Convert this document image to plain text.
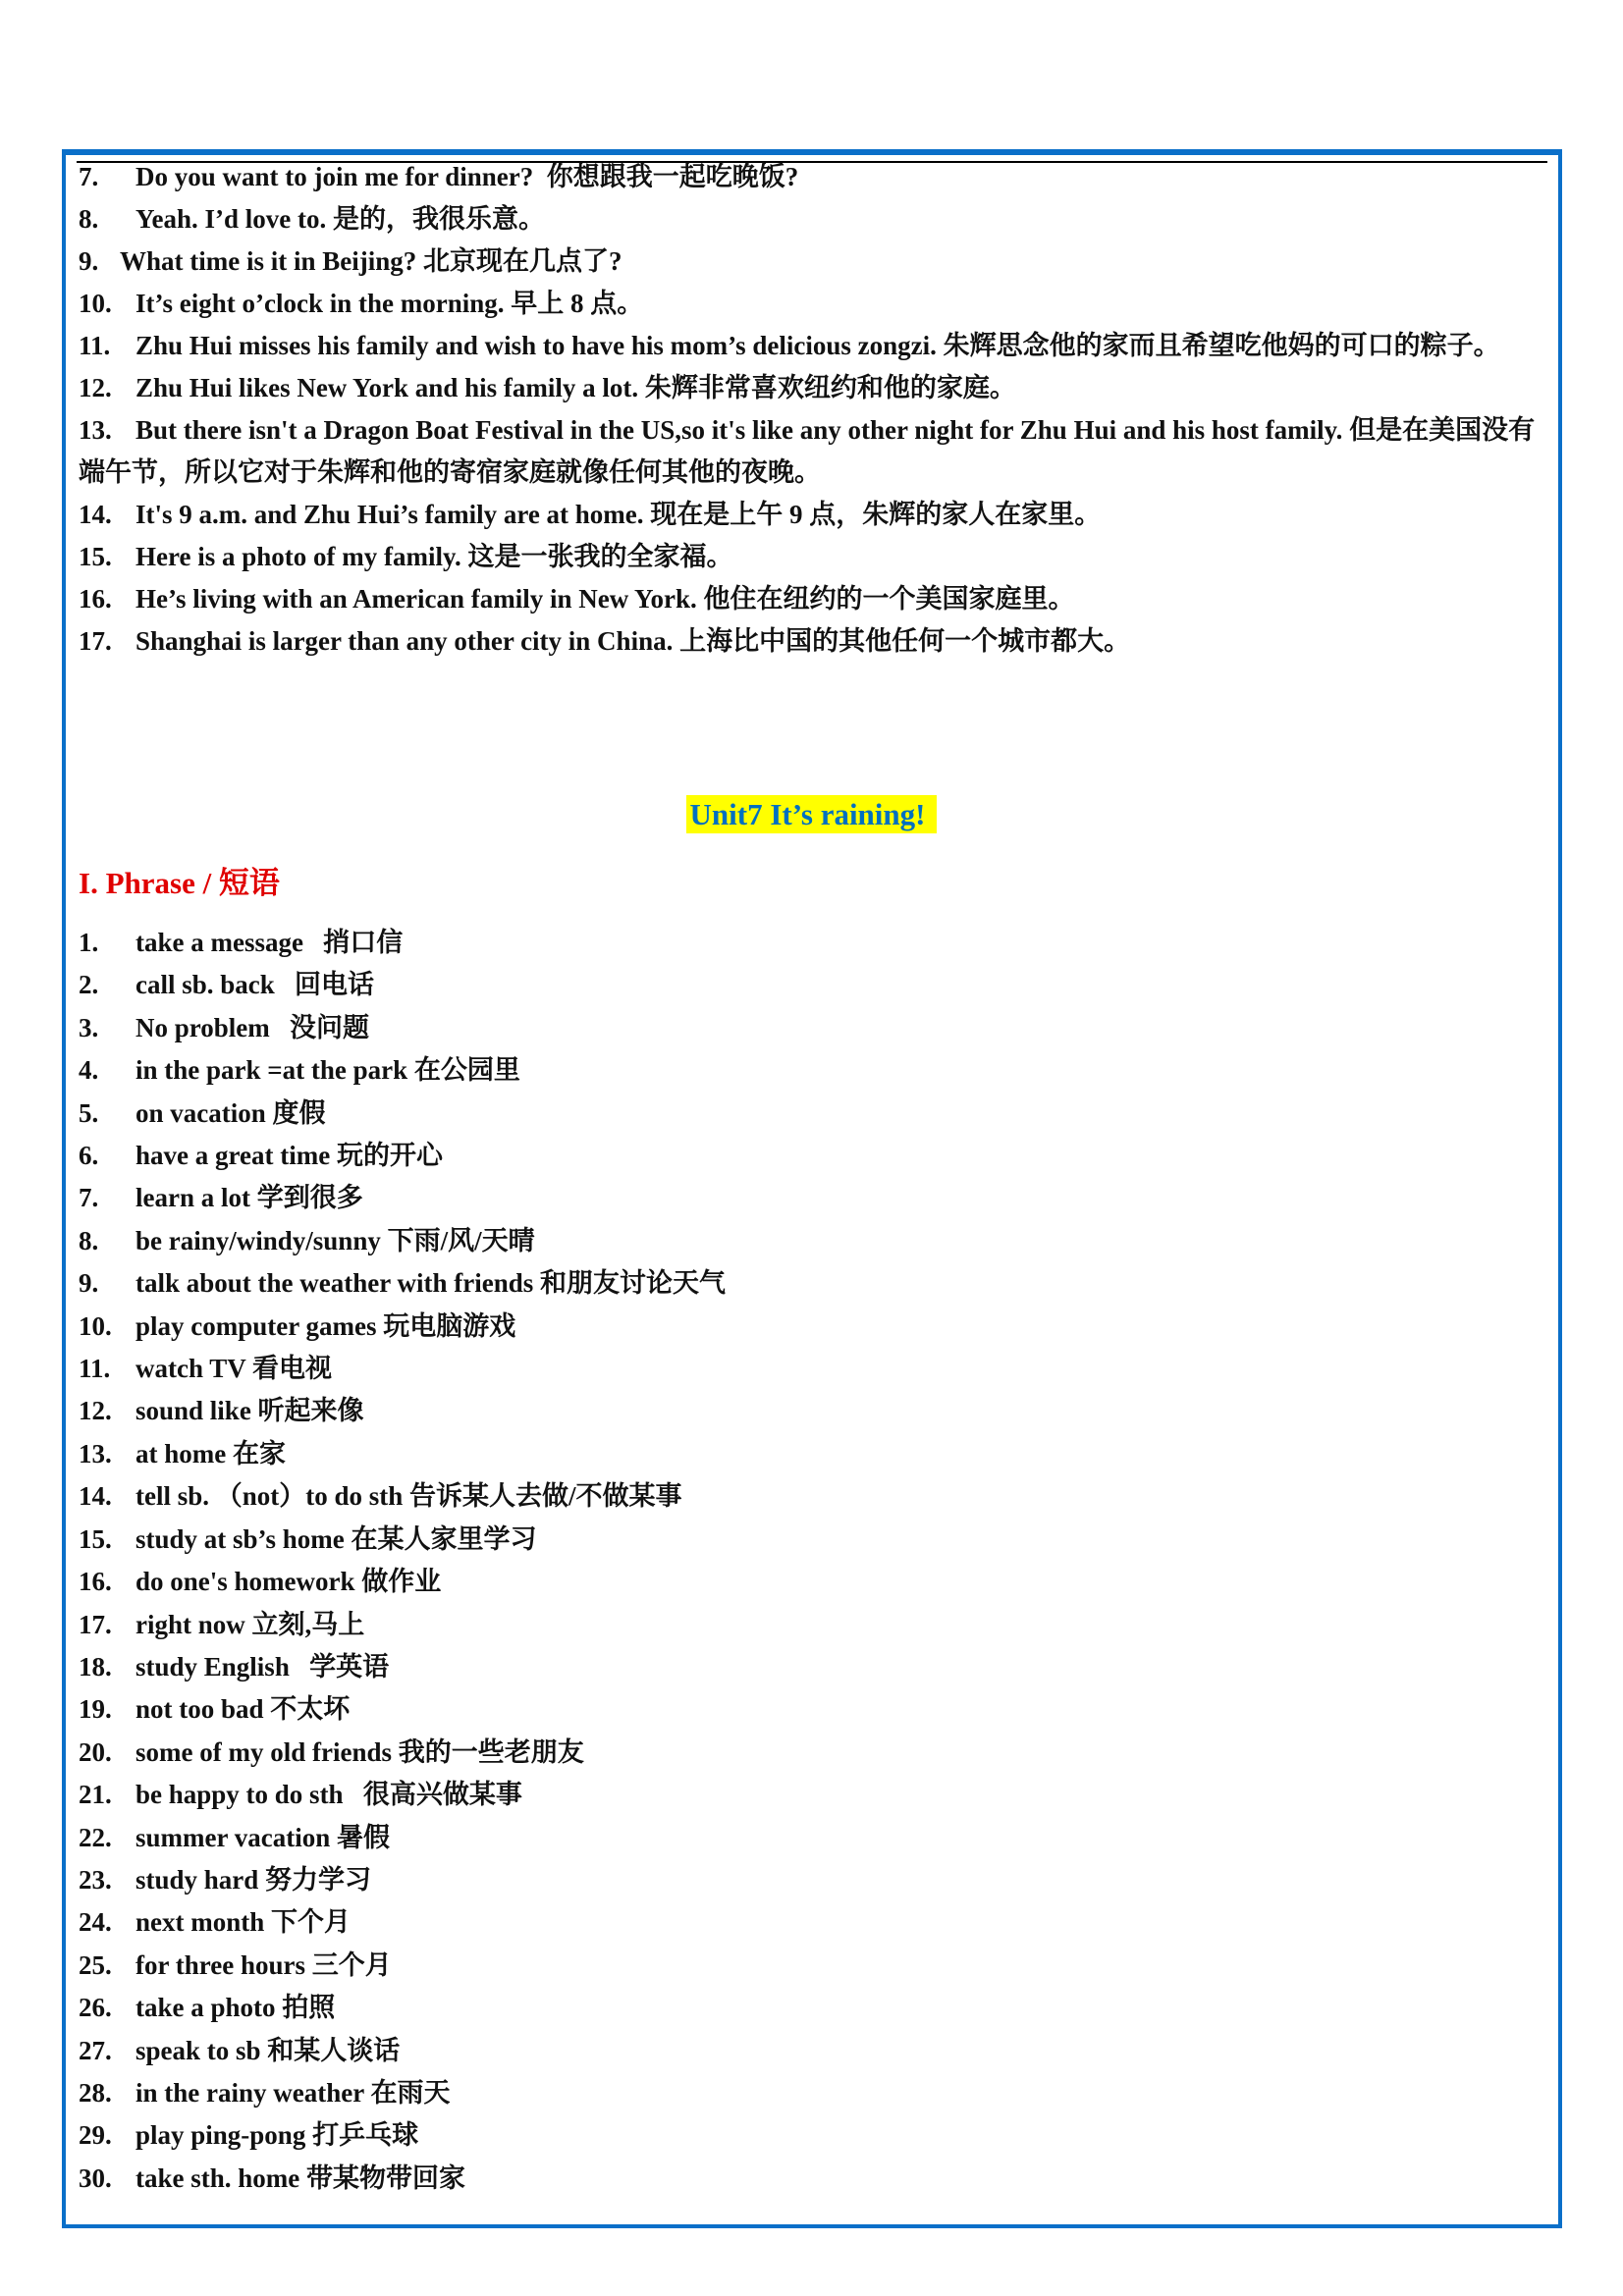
7. Do you want to join me for dinner?  你想跟我一起吃晚饭?
8. Yeah. I’d love to. 是的，我很乐意。
9. What time is it in Beijing? 北京现在几点了?
10. It’s eight o’clock in the morning. 早上 8 点。
11. Zhu Hui misses his family and wish to have his mom’s delicious zongzi. 朱辉思念他的家而且希望吃他妈的可口的粽子。
12. Zhu Hui likes New York and his family a lot. 朱辉非常喜欢纽约和他的家庭。
13. But there isn't a Dragon Boat Festival in the US,so it's like any other night for Zhu Hui and his host family. 但是在美国没有端午节，所以它对于朱辉和他的寄宿家庭就像任何其他的夜晚。
14. It's 9 a.m. and Zhu Hui’s family are at home. 现在是上午 9 点，朱辉的家人在家里。
15. Here is a photo of my family. 这是一张我的全家福。
16. He’s living with an American family in New York. 他住在纽约的一个美国家庭里。
17. Shanghai is larger than any other city in China. 上海比中国的其他任何一个城市都大。
Unit7 It’s raining!
I. Phrase / 短语
1. take a message   捎口信
2. call sb. back   回电话
3. No problem   没问题
4. in the park =at the park 在公园里
5. on vacation 度假
6. have a great time 玩的开心
7. learn a lot 学到很多
8. be rainy/windy/sunny 下雨/风/天晴
9. talk about the weather with friends 和朋友讨论天气
10. play computer games 玩电脑游戏
11. watch TV 看电视
12. sound like 听起来像
13. at home 在家
14. tell sb. （not）to do sth 告诉某人去做/不做某事
15. study at sb’s home 在某人家里学习
16. do one's homework 做作业
17. right now 立刻,马上
18. study English   学英语
19. not too bad 不太坏
20. some of my old friends 我的一些老朋友
21. be happy to do sth   很高兴做某事
22. summer vacation 暑假
23. study hard 努力学习
24. next month 下个月
25. for three hours 三个月
26. take a photo 拍照
27. speak to sb 和某人谈话
28. in the rainy weather 在雨天
29. play ping-pong 打乒乓球
30. take sth. home 带某物带回家
